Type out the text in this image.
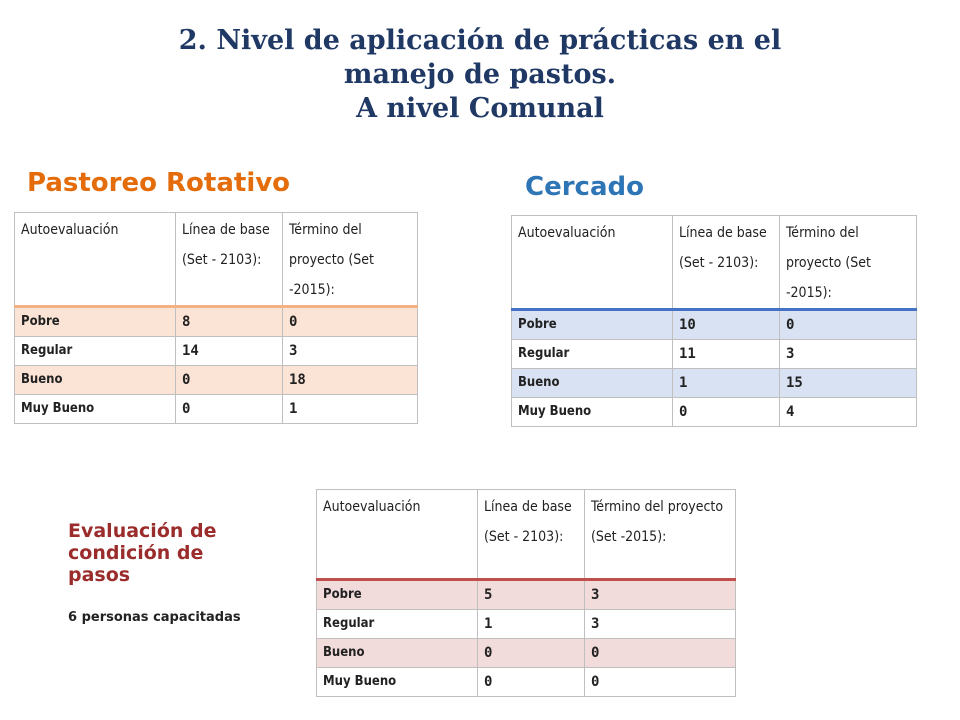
2. Nivel de aplicación de prácticas en el
manejo de pastos.
A nivel Comunal
Pastoreo Rotativo	Cercado
Autoevaluación	Línea de base (Set - 2103):	Término del proyecto (Set -2015):
Pobre	8	0
Regular	14	3
Bueno	0	18
Muy Bueno	0	1
Autoevaluación	Línea de base (Set - 2103):	Término del proyecto (Set -2015):
Pobre	10	0
Regular	11	3
Bueno	1	15
Muy Bueno	0	4
Evaluación de condición de pasos
6 personas capacitadas
Autoevaluación	Línea de base (Set - 2103):	Término del proyecto (Set -2015):
Pobre	5	3
Regular	1	3
Bueno	0	0
Muy Bueno	0	0
